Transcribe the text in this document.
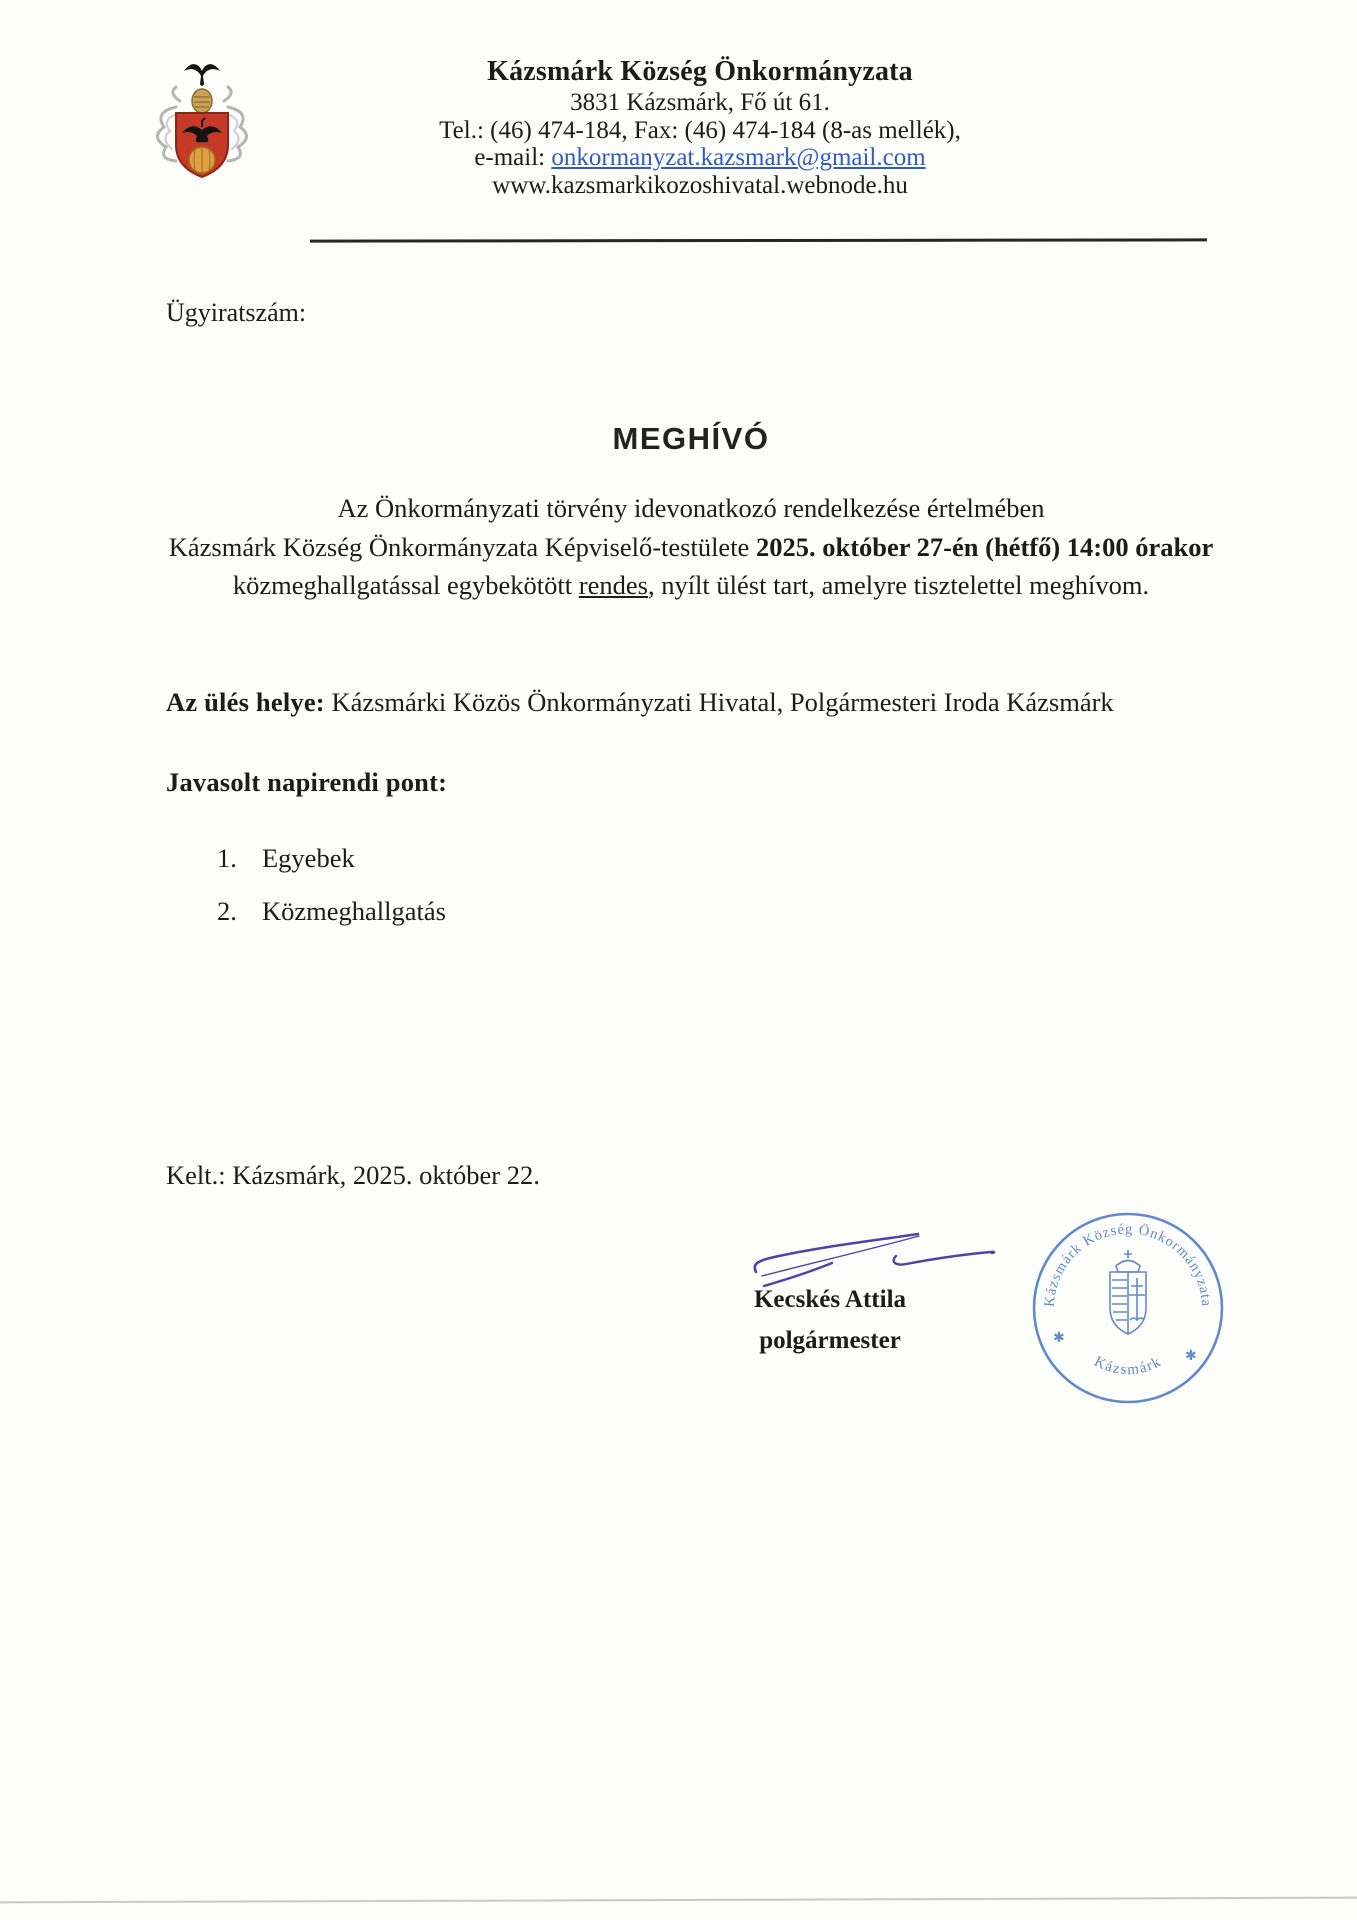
Kázsmárk Község Önkormányzata
3831 Kázsmárk, Fő út 61.
Tel.: (46) 474-184, Fax: (46) 474-184 (8-as mellék),
e-mail: onkormanyzat.kazsmark@gmail.com
www.kazsmarkikozoshivatal.webnode.hu
Ügyiratszám:
MEGHÍVÓ
Az Önkormányzati törvény idevonatkozó rendelkezése értelmében
Kázsmárk Község Önkormányzata Képviselő-testülete 2025. október 27-én (hétfő) 14:00 órakor
közmeghallgatással egybekötött rendes, nyílt ülést tart, amelyre tisztelettel meghívom.
Az ülés helye: Kázsmárki Közös Önkormányzati Hivatal, Polgármesteri Iroda Kázsmárk
Javasolt napirendi pont:
1. Egyebek
2. Közmeghallgatás
Kelt.: Kázsmárk, 2025. október 22.
Kecskés Attila
polgármester
Kázsmárk Község Önkormányzata
Kázsmárk
✱
✱
